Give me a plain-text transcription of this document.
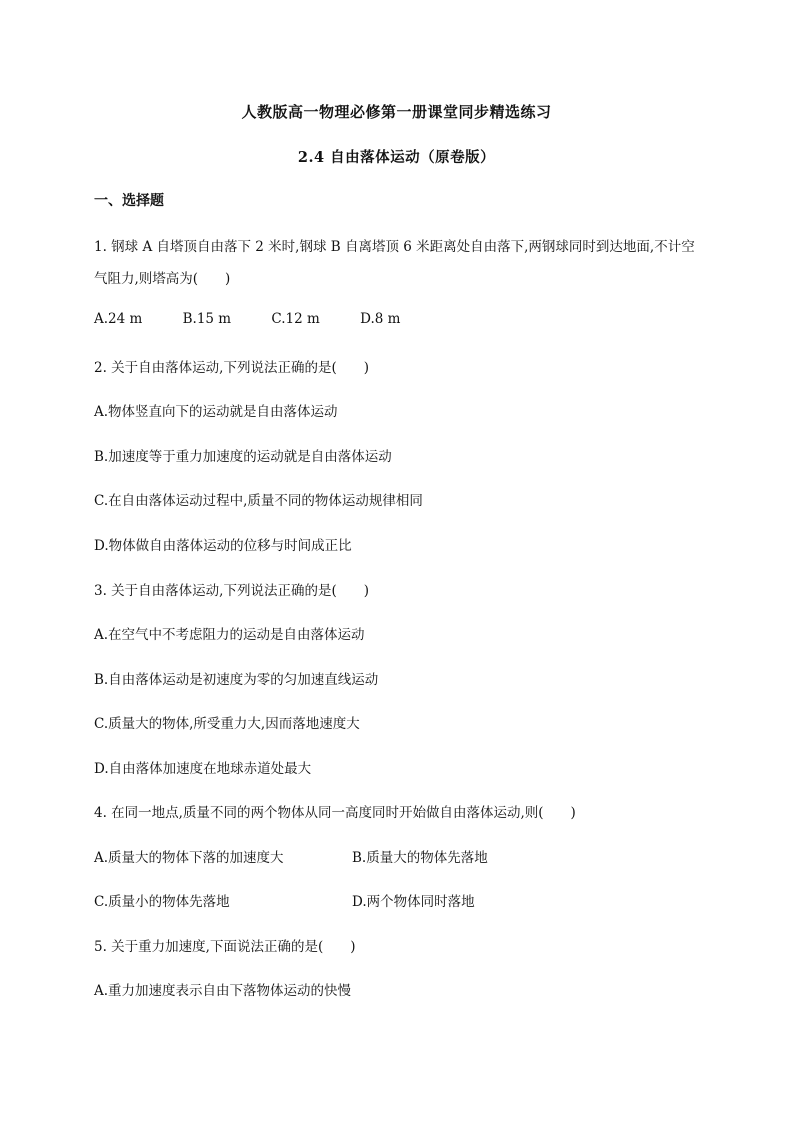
人教版高一物理必修第一册课堂同步精选练习
2.4 自由落体运动（原卷版）
一、选择题
1. 钢球 A 自塔顶自由落下 2 米时,钢球 B 自离塔顶 6 米距离处自由落下,两钢球同时到达地面,不计空
气阻力,则塔高为(　　)
A.24 m	B.15 m	C.12 m	D.8 m
2. 关于自由落体运动,下列说法正确的是(　　)
A.物体竖直向下的运动就是自由落体运动
B.加速度等于重力加速度的运动就是自由落体运动
C.在自由落体运动过程中,质量不同的物体运动规律相同
D.物体做自由落体运动的位移与时间成正比
3. 关于自由落体运动,下列说法正确的是(　　)
A.在空气中不考虑阻力的运动是自由落体运动
B.自由落体运动是初速度为零的匀加速直线运动
C.质量大的物体,所受重力大,因而落地速度大
D.自由落体加速度在地球赤道处最大
4. 在同一地点,质量不同的两个物体从同一高度同时开始做自由落体运动,则(　　)
A.质量大的物体下落的加速度大	B.质量大的物体先落地
C.质量小的物体先落地	D.两个物体同时落地
5. 关于重力加速度,下面说法正确的是(　　)
A.重力加速度表示自由下落物体运动的快慢
